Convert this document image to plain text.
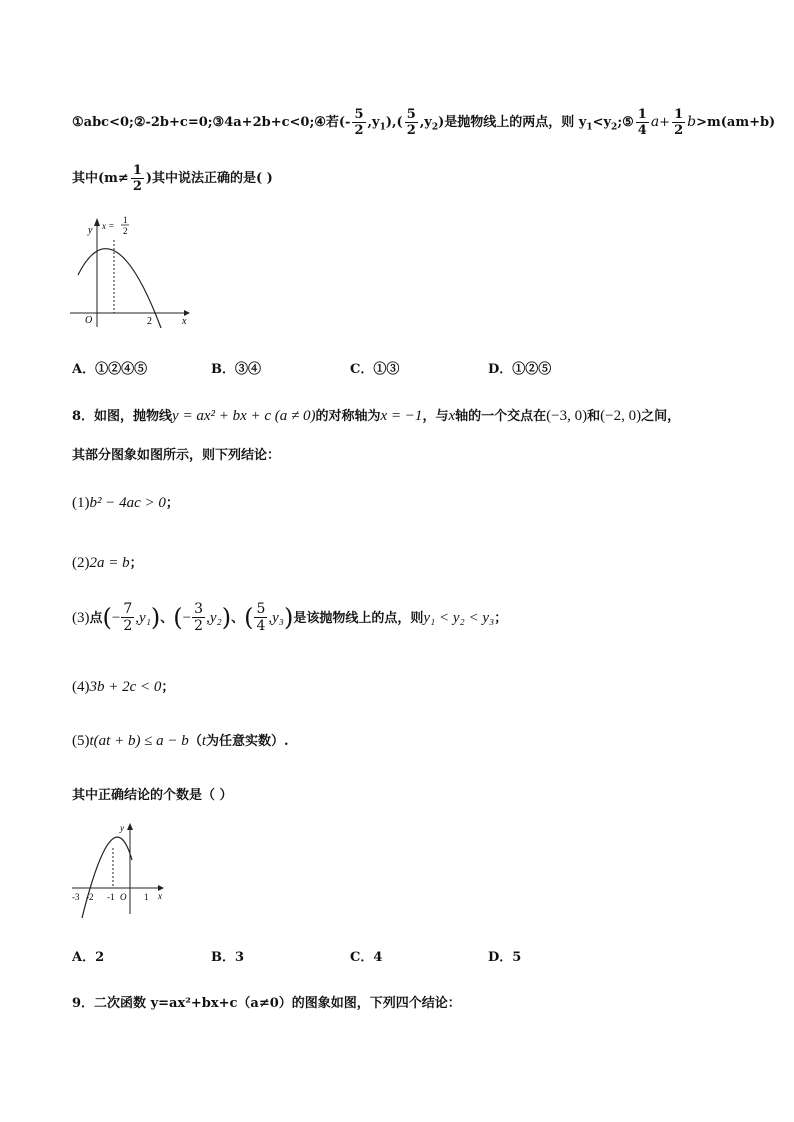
①abc<0;②-2b+c=0;③4a+2b+c<0;④若(- $\frac{5}{2} ,y_1),( \frac{5}{2} ,y_2)$是抛物线上的两点，则 $y_1<y_2;⑤ \frac{1}{4} a+ \frac{1}{2} b>m(am+b)$
其中($m\ne \frac{1}{2}$ )其中说法正确的是( )
y
x
O	2
x =
1
2
A．①②④⑤	B．③④	C．①③	D．①②⑤
8．如图，抛物线y = ax² + bx + c (a ≠ 0)的对称轴为x = −1，与x轴的一个交点在(−3, 0)和(−2, 0)之间，
其部分图象如图所示，则下列结论：
(1)b² − 4ac > 0；
(2)2a = b；
(3)点(− $\frac{7}{2} ,y_1$)、(− $\frac{3}{2} ,y_2$)、( $\frac{5}{4} ,y_3$)是该抛物线上的点，则y₁ < y₂ < y₃；
(4)3b + 2c < 0；
(5)t(at + b) ≤ a − b（t为任意实数）.
其中正确结论的个数是（ ）
y
x
-3 -2 -1 O 1
A．2	B．3	C．4	D．5
9．二次函数 y=ax²+bx+c（a≠0）的图象如图，下列四个结论：
